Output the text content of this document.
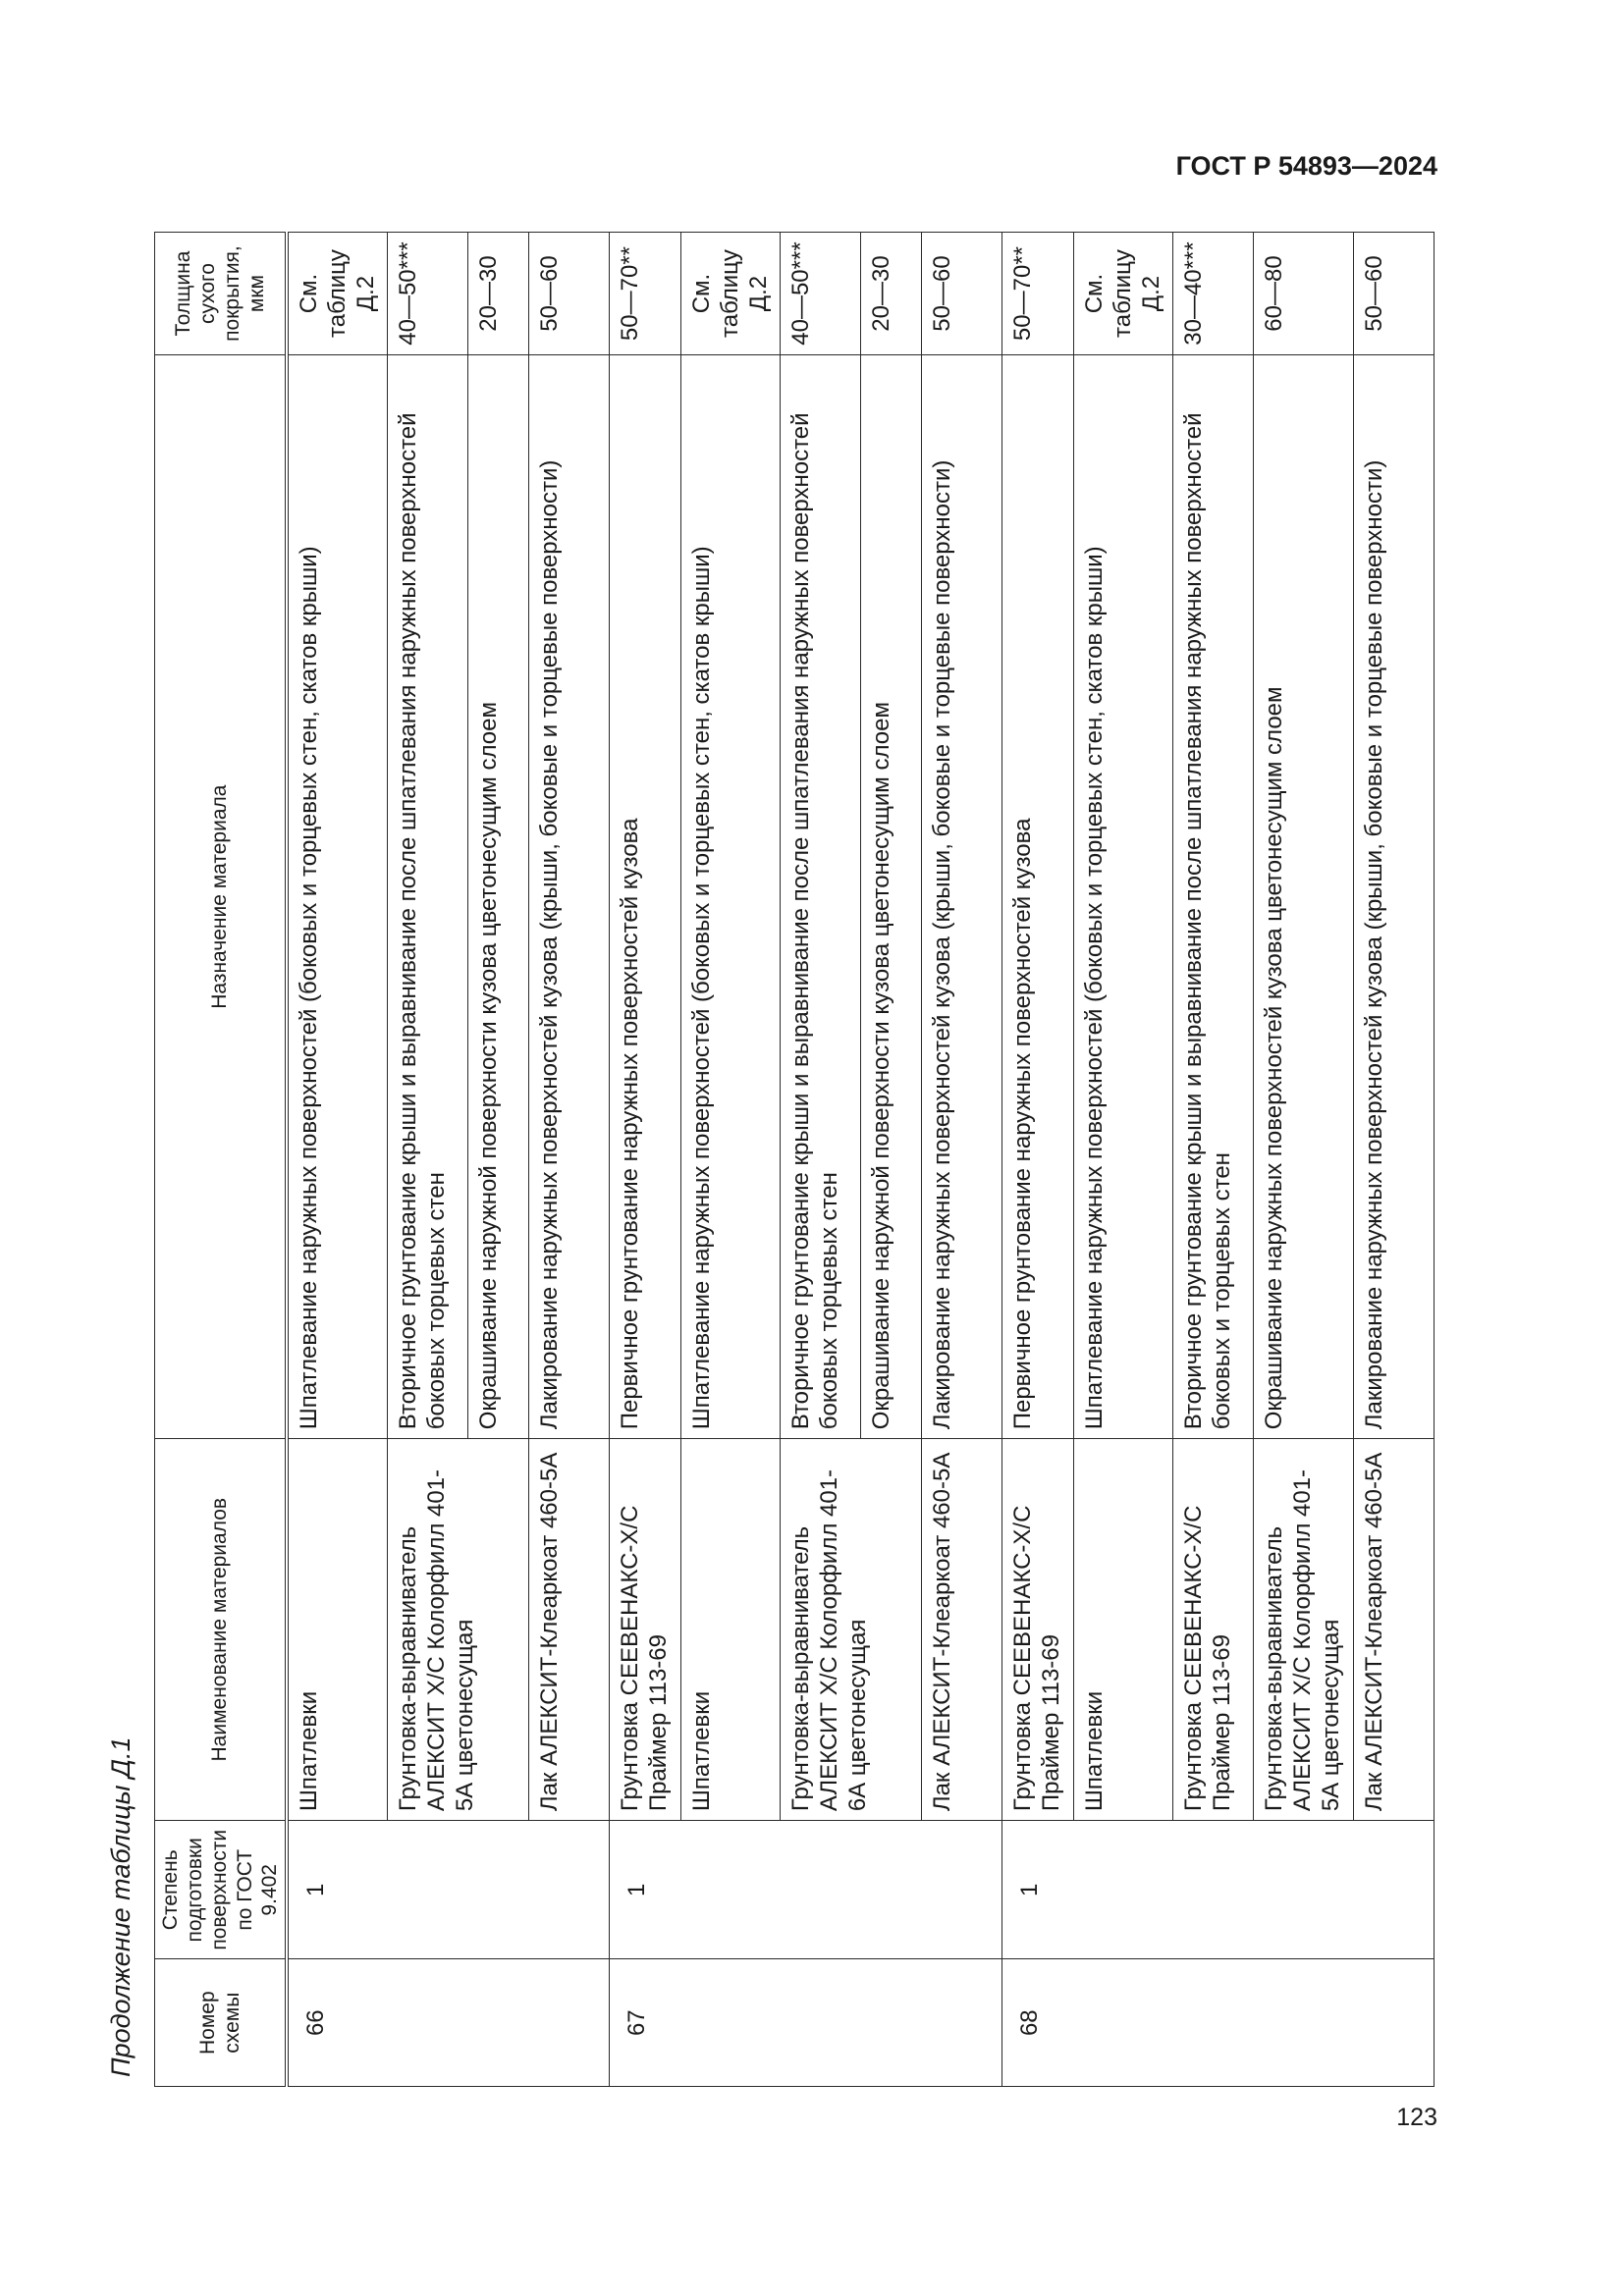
ГОСТ Р 54893—2024
Продолжение таблицы Д.1	Номер схемы	Степень подготовки поверхности по ГОСТ 9.402	Наименование материалов	Назначение материала	Толщина сухого покрытия, мкм
66	1	Шпатлевки	Шпатлевание наружных поверхностей (боковых и торцевых стен, скатов крыши)	См. таблицу Д.2
		Грунтовка-выравниватель АЛЕКСИТ Х/С Колорфилл 401-5А цветонесущая	Вторичное грунтование крыши и выравнивание после шпатлевания наружных поверхностей боковых торцевых стен	40—50***
			Окрашивание наружной поверхности кузова цветонесущим слоем	20—30
		Лак АЛЕКСИТ-Клеаркоат 460-5А	Лакирование наружных поверхностей кузова (крыши, боковые и торцевые поверхности)	50—60
67	1	Грунтовка СЕЕВЕНАКС-Х/С Праймер 113-69	Первичное грунтование наружных поверхностей кузова	50—70**
		Шпатлевки	Шпатлевание наружных поверхностей (боковых и торцевых стен, скатов крыши)	См. таблицу Д.2
		Грунтовка-выравниватель АЛЕКСИТ Х/С Колорфилл 401-6А цветонесущая	Вторичное грунтование крыши и выравнивание после шпатлевания наружных поверхностей боковых торцевых стен	40—50***
			Окрашивание наружной поверхности кузова цветонесущим слоем	20—30
		Лак АЛЕКСИТ-Клеаркоат 460-5А	Лакирование наружных поверхностей кузова (крыши, боковые и торцевые поверхности)	50—60
68	1	Грунтовка СЕЕВЕНАКС-Х/С Праймер 113-69	Первичное грунтование наружных поверхностей кузова	50—70**
		Шпатлевки	Шпатлевание наружных поверхностей (боковых и торцевых стен, скатов крыши)	См. таблицу Д.2
		Грунтовка СЕЕВЕНАКС-Х/С Праймер 113-69	Вторичное грунтование крыши и выравнивание после шпатлевания наружных поверхностей боковых и торцевых стен	30—40***
		Грунтовка-выравниватель АЛЕКСИТ Х/С Колорфилл 401-5А цветонесущая	Окрашивание наружных поверхностей кузова цветонесущим слоем	60—80
		Лак АЛЕКСИТ-Клеаркоат 460-5А	Лакирование наружных поверхностей кузова (крыши, боковые и торцевые поверхности)	50—60
123
